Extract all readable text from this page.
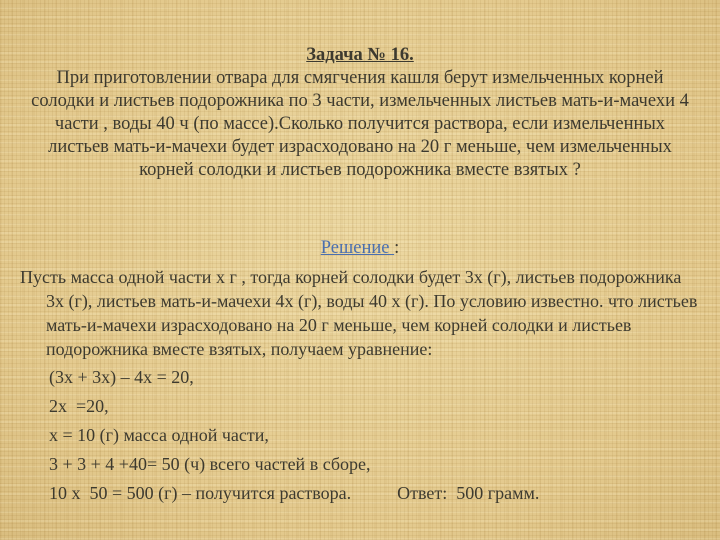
Задача № 16.
При приготовлении отвара для смягчения кашля берут измельченных корней солодки и листьев подорожника по 3 части, измельченных листьев мать-и-мачехи 4 части , воды 40 ч (по массе).Сколько получится раствора, если измельченных листьев мать-и-мачехи будет израсходовано на 20 г меньше, чем измельченных корней солодки и листьев подорожника вместе взятых ?
Решение :

Пусть масса одной части х г , тогда корней солодки будет 3х (г), листьев подорожника 3х (г), листьев мать-и-мачехи 4х (г), воды 40 х (г). По условию известно. что листьев мать-и-мачехи израсходовано на 20 г меньше, чем корней солодки и листьев подорожника вместе взятых, получаем уравнение:

(3х + 3х) – 4х = 20,

2х  =20,

х = 10 (г) масса одной части,

3 + 3 + 4 +40= 50 (ч) всего частей в сборе,

10 х  50 = 500 (г) – получится раствора.	Ответ:  500 грамм.
